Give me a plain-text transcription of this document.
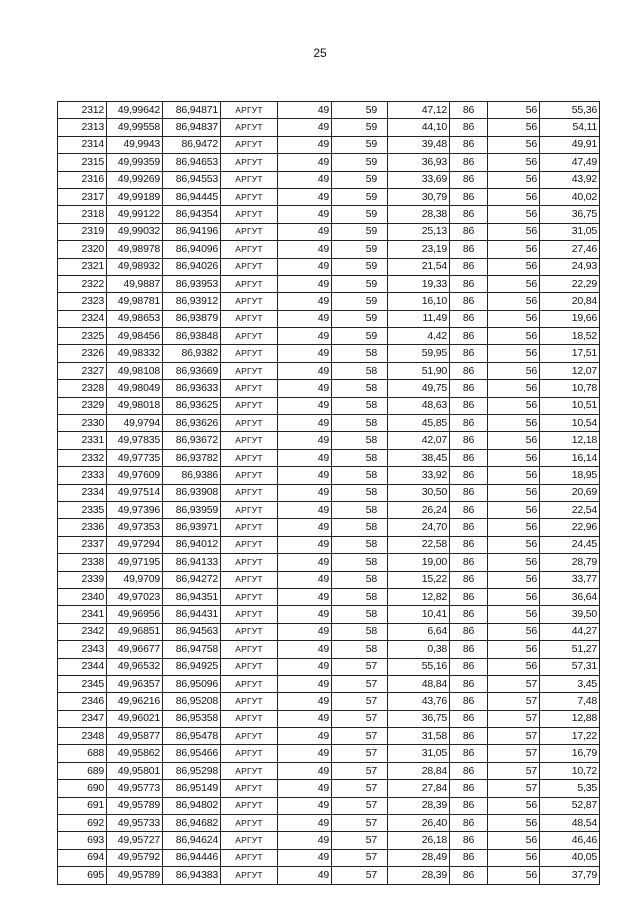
25
2312	49,99642	86,94871	АРГУТ	49	59	47,12	86	56	55,36
2313	49,99558	86,94837	АРГУТ	49	59	44,10	86	56	54,11
2314	49,9943	86,9472	АРГУТ	49	59	39,48	86	56	49,91
2315	49,99359	86,94653	АРГУТ	49	59	36,93	86	56	47,49
2316	49,99269	86,94553	АРГУТ	49	59	33,69	86	56	43,92
2317	49,99189	86,94445	АРГУТ	49	59	30,79	86	56	40,02
2318	49,99122	86,94354	АРГУТ	49	59	28,38	86	56	36,75
2319	49,99032	86,94196	АРГУТ	49	59	25,13	86	56	31,05
2320	49,98978	86,94096	АРГУТ	49	59	23,19	86	56	27,46
2321	49,98932	86,94026	АРГУТ	49	59	21,54	86	56	24,93
2322	49,9887	86,93953	АРГУТ	49	59	19,33	86	56	22,29
2323	49,98781	86,93912	АРГУТ	49	59	16,10	86	56	20,84
2324	49,98653	86,93879	АРГУТ	49	59	11,49	86	56	19,66
2325	49,98456	86,93848	АРГУТ	49	59	4,42	86	56	18,52
2326	49,98332	86,9382	АРГУТ	49	58	59,95	86	56	17,51
2327	49,98108	86,93669	АРГУТ	49	58	51,90	86	56	12,07
2328	49,98049	86,93633	АРГУТ	49	58	49,75	86	56	10,78
2329	49,98018	86,93625	АРГУТ	49	58	48,63	86	56	10,51
2330	49,9794	86,93626	АРГУТ	49	58	45,85	86	56	10,54
2331	49,97835	86,93672	АРГУТ	49	58	42,07	86	56	12,18
2332	49,97735	86,93782	АРГУТ	49	58	38,45	86	56	16,14
2333	49,97609	86,9386	АРГУТ	49	58	33,92	86	56	18,95
2334	49,97514	86,93908	АРГУТ	49	58	30,50	86	56	20,69
2335	49,97396	86,93959	АРГУТ	49	58	26,24	86	56	22,54
2336	49,97353	86,93971	АРГУТ	49	58	24,70	86	56	22,96
2337	49,97294	86,94012	АРГУТ	49	58	22,58	86	56	24,45
2338	49,97195	86,94133	АРГУТ	49	58	19,00	86	56	28,79
2339	49,9709	86,94272	АРГУТ	49	58	15,22	86	56	33,77
2340	49,97023	86,94351	АРГУТ	49	58	12,82	86	56	36,64
2341	49,96956	86,94431	АРГУТ	49	58	10,41	86	56	39,50
2342	49,96851	86,94563	АРГУТ	49	58	6,64	86	56	44,27
2343	49,96677	86,94758	АРГУТ	49	58	0,38	86	56	51,27
2344	49,96532	86,94925	АРГУТ	49	57	55,16	86	56	57,31
2345	49,96357	86,95096	АРГУТ	49	57	48,84	86	57	3,45
2346	49,96216	86,95208	АРГУТ	49	57	43,76	86	57	7,48
2347	49,96021	86,95358	АРГУТ	49	57	36,75	86	57	12,88
2348	49,95877	86,95478	АРГУТ	49	57	31,58	86	57	17,22
688	49,95862	86,95466	АРГУТ	49	57	31,05	86	57	16,79
689	49,95801	86,95298	АРГУТ	49	57	28,84	86	57	10,72
690	49,95773	86,95149	АРГУТ	49	57	27,84	86	57	5,35
691	49,95789	86,94802	АРГУТ	49	57	28,39	86	56	52,87
692	49,95733	86,94682	АРГУТ	49	57	26,40	86	56	48,54
693	49,95727	86,94624	АРГУТ	49	57	26,18	86	56	46,46
694	49,95792	86,94446	АРГУТ	49	57	28,49	86	56	40,05
695	49,95789	86,94383	АРГУТ	49	57	28,39	86	56	37,79
